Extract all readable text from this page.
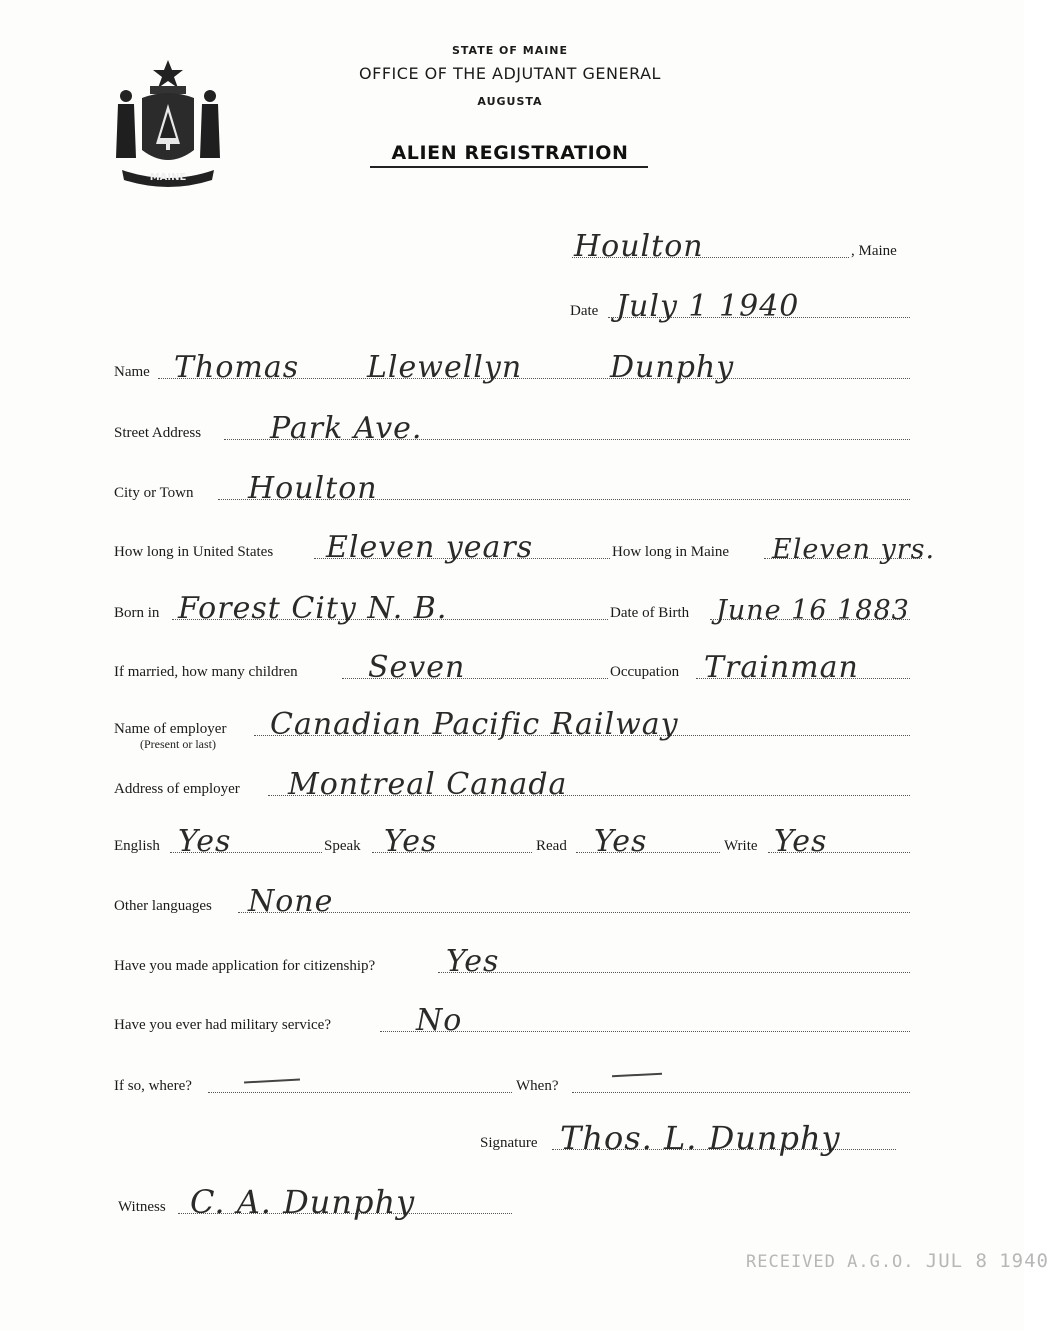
MAINE
STATE OF MAINE
OFFICE OF THE ADJUTANT GENERAL
AUGUSTA
ALIEN REGISTRATION
Houlton	, Maine
Date July 1 1940
Name Thomas Llewellyn	Dunphy
Street Address Park Ave.
City or Town Houlton
How long in United States Eleven years	How long in Maine Eleven yrs.
Born in Forest City N. B.	Date of Birth June 16 1883
If married, how many children Seven	Occupation Trainman
Name of employer Canadian Pacific Railway
(Present or last)
Address of employer Montreal Canada
English Yes	Speak Yes	Read Yes	Write Yes
Other languages None
Have you made application for citizenship? Yes
Have you ever had military service?	No
If so, where?	When?
Signature Thos. L. Dunphy
Witness C. A. Dunphy
RECEIVED A.G.O. JUL 8 1940
